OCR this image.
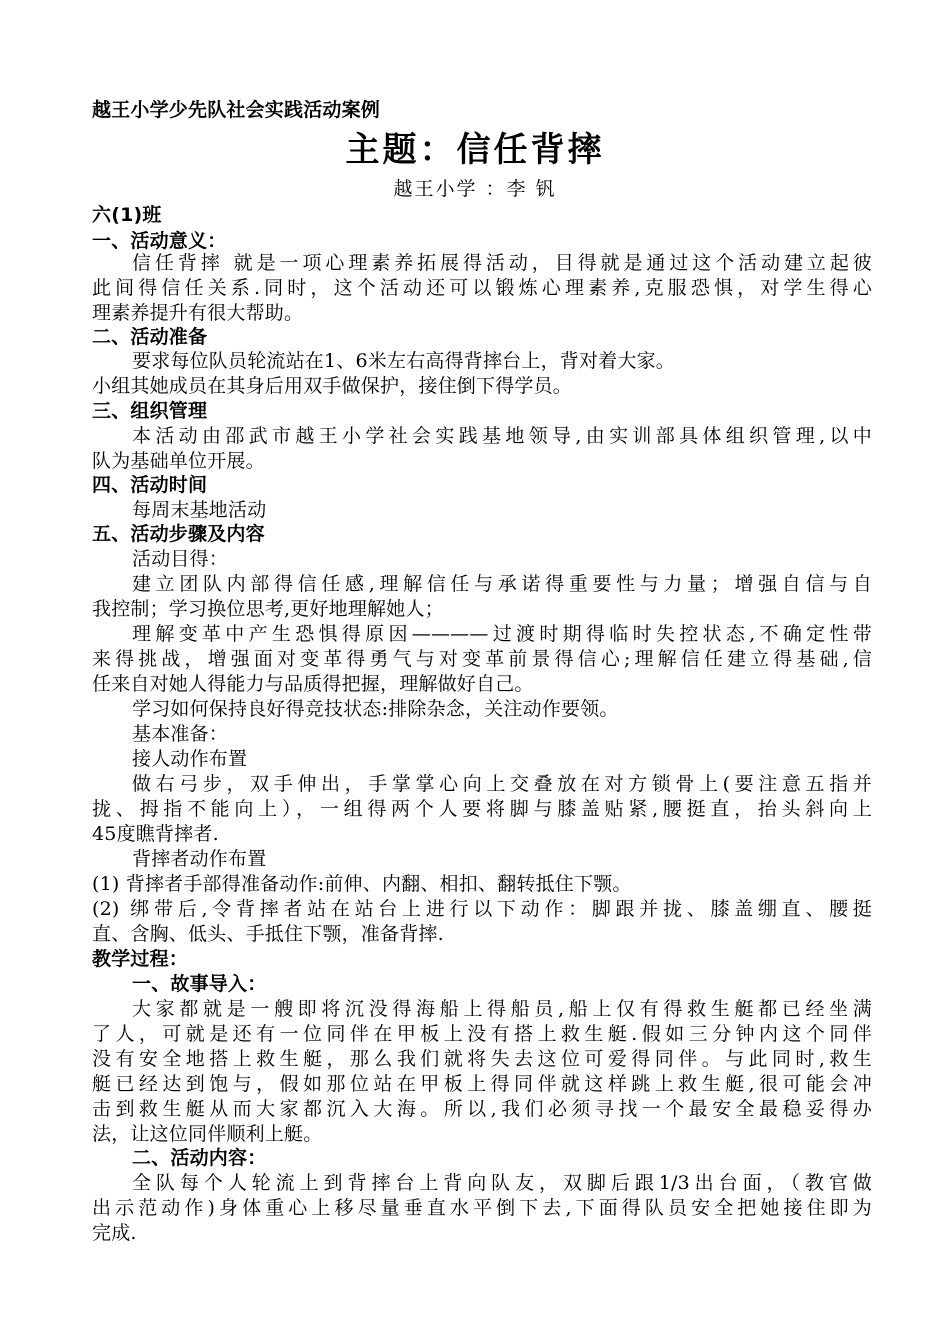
越王小学少先队社会实践活动案例
主题：信任背摔
越王小学 ：李 钒
六(1)班
一、活动意义：
信任背摔 就是一项心理素养拓展得活动，目得就是通过这个活动建立起彼
此间得信任关系.同时，这个活动还可以锻炼心理素养,克服恐惧，对学生得心
理素养提升有很大帮助。
二、活动准备
要求每位队员轮流站在1、6米左右高得背摔台上，背对着大家。
小组其她成员在其身后用双手做保护，接住倒下得学员。
三、组织管理
本活动由邵武市越王小学社会实践基地领导,由实训部具体组织管理,以中
队为基础单位开展。
四、活动时间
每周末基地活动
五、活动步骤及内容
活动目得：
建立团队内部得信任感,理解信任与承诺得重要性与力量；增强自信与自
我控制；学习换位思考,更好地理解她人；
理解变革中产生恐惧得原因————过渡时期得临时失控状态,不确定性带
来得挑战，增强面对变革得勇气与对变革前景得信心;理解信任建立得基础,信
任来自对她人得能力与品质得把握，理解做好自己。
学习如何保持良好得竞技状态:排除杂念，关注动作要领。
基本准备：
接人动作布置
做右弓步，双手伸出，手掌掌心向上交叠放在对方锁骨上(要注意五指并
拢、拇指不能向上），一组得两个人要将脚与膝盖贴紧,腰挺直，抬头斜向上
45度瞧背摔者.
背摔者动作布置
(1) 背摔者手部得准备动作:前伸、内翻、相扣、翻转抵住下颚。
(2) 绑带后,令背摔者站在站台上进行以下动作：脚跟并拢、膝盖绷直、腰挺
直、含胸、低头、手抵住下颚，准备背摔.
教学过程：
一、故事导入：
大家都就是一艘即将沉没得海船上得船员,船上仅有得救生艇都已经坐满
了人，可就是还有一位同伴在甲板上没有搭上救生艇.假如三分钟内这个同伴
没有安全地搭上救生艇，那么我们就将失去这位可爱得同伴。与此同时,救生
艇已经达到饱与，假如那位站在甲板上得同伴就这样跳上救生艇,很可能会冲
击到救生艇从而大家都沉入大海。所以,我们必须寻找一个最安全最稳妥得办
法，让这位同伴顺利上艇。
二、活动内容：
全队每个人轮流上到背摔台上背向队友，双脚后跟1/3出台面，（教官做
出示范动作)身体重心上移尽量垂直水平倒下去,下面得队员安全把她接住即为
完成.
